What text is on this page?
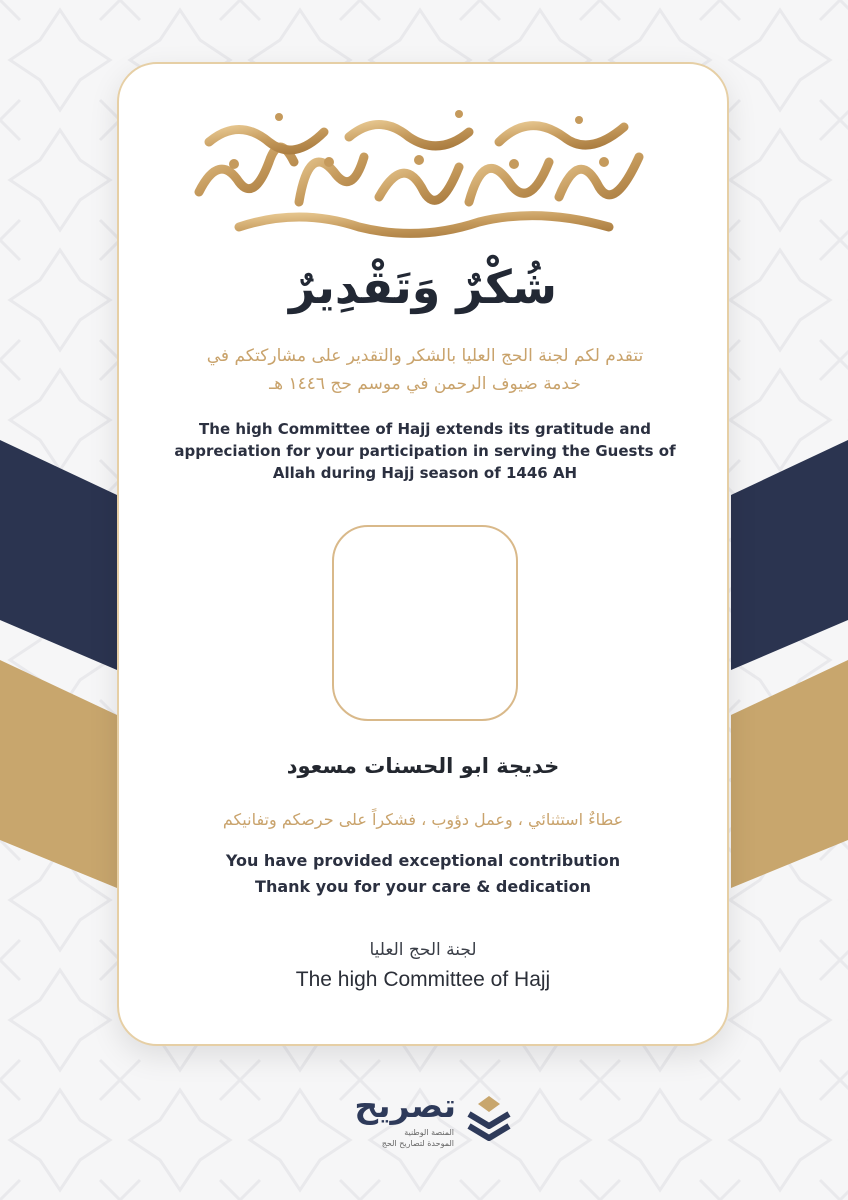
شُكْرٌ وَتَقْدِيرٌ
تتقدم لكم لجنة الحج العليا بالشكر والتقدير على مشاركتكم في
خدمة ضيوف الرحمن في موسم حج ١٤٤٦ هـ
The high Committee of Hajj extends its gratitude and
appreciation for your participation in serving the Guests of
Allah during Hajj season of 1446 AH
خديجة ابو الحسنات مسعود
عطاءٌ استثنائي ، وعمل دؤوب ، فشكراً على حرصكم وتفانيكم
You have provided exceptional contribution
Thank you for your care & dedication
لجنة الحج العليا
The high Committee of Hajj
تصريح
المنصة الوطنية
الموحدة لتصاريح الحج
